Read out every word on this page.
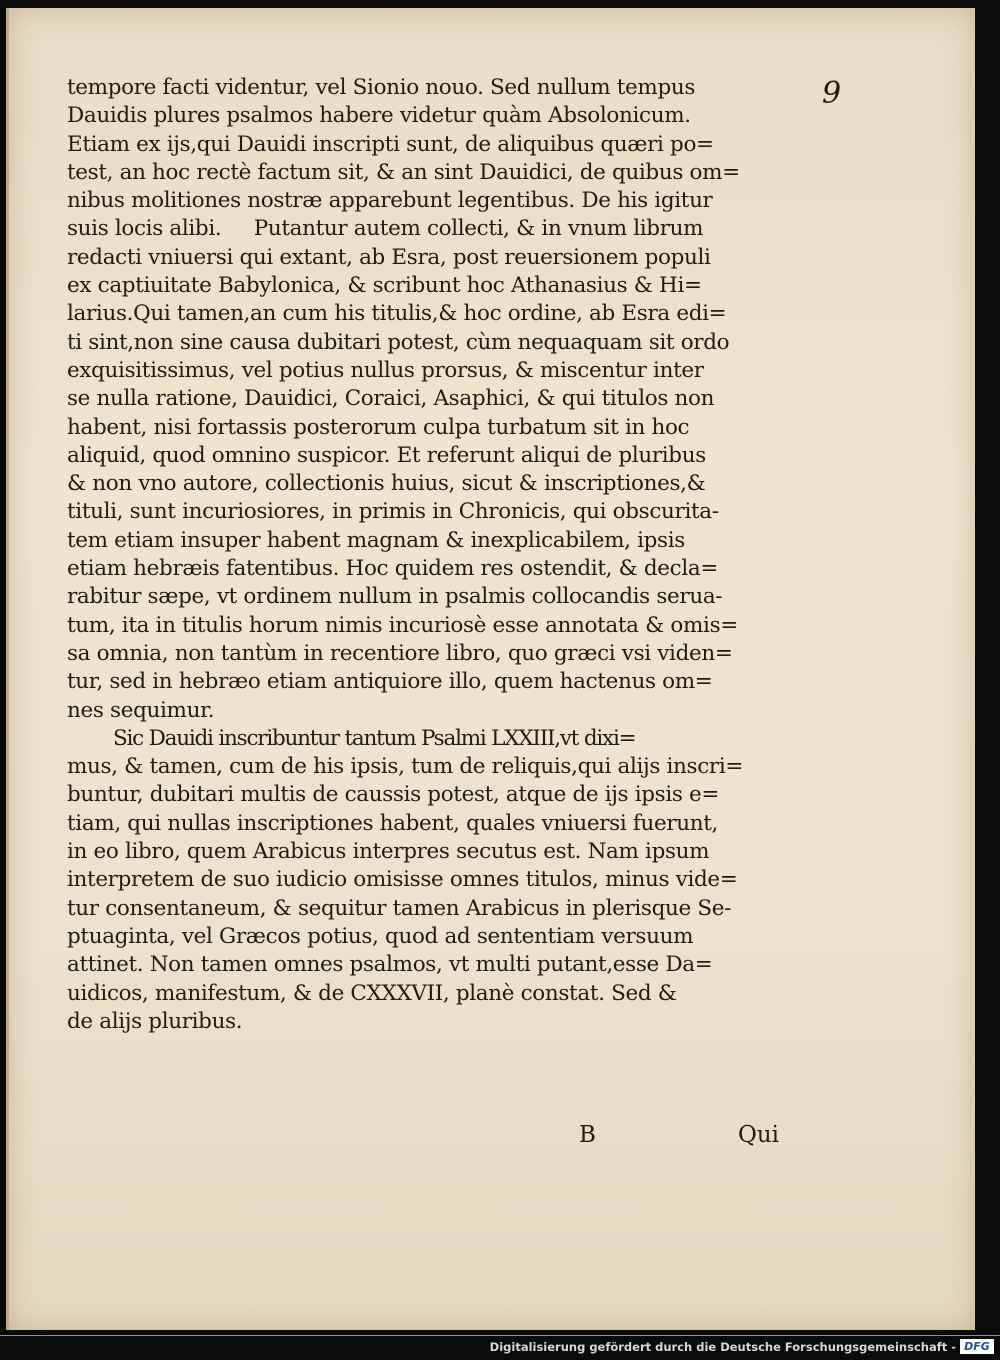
9
tempore facti videntur, vel Sionio nouo. Sed nullum tempus
Dauidis plures psalmos habere videtur quàm Absolonicum.
Etiam ex ijs,qui Dauidi inscripti sunt, de aliquibus quæri po=
test, an hoc rectè factum sit, & an sint Dauidici, de quibus om=
nibus molitiones nostræ apparebunt legentibus. De his igitur
suis locis alibi.     Putantur autem collecti, & in vnum librum
redacti vniuersi qui extant, ab Esra, post reuersionem populi
ex captiuitate Babylonica, & scribunt hoc Athanasius & Hi=
larius.Qui tamen,an cum his titulis,& hoc ordine, ab Esra edi=
ti sint,non sine causa dubitari potest, cùm nequaquam sit ordo
exquisitissimus, vel potius nullus prorsus, & miscentur inter
se nulla ratione, Dauidici, Coraici, Asaphici, & qui titulos non
habent, nisi fortassis posterorum culpa turbatum sit in hoc
aliquid, quod omnino suspicor. Et referunt aliqui de pluribus
& non vno autore, collectionis huius, sicut & inscriptiones,&
tituli, sunt incuriosiores, in primis in Chronicis, qui obscurita-
tem etiam insuper habent magnam & inexplicabilem, ipsis
etiam hebræis fatentibus. Hoc quidem res ostendit, & decla=
rabitur sæpe, vt ordinem nullum in psalmis collocandis serua-
tum, ita in titulis horum nimis incuriosè esse annotata & omis=
sa omnia, non tantùm in recentiore libro, quo græci vsi viden=
tur, sed in hebræo etiam antiquiore illo, quem hactenus om=
nes sequimur.
Sic Dauidi inscribuntur tantum Psalmi LXXIII,vt dixi=
mus, & tamen, cum de his ipsis, tum de reliquis,qui alijs inscri=
buntur, dubitari multis de caussis potest, atque de ijs ipsis e=
tiam, qui nullas inscriptiones habent, quales vniuersi fuerunt,
in eo libro, quem Arabicus interpres secutus est. Nam ipsum
interpretem de suo iudicio omisisse omnes titulos, minus vide=
tur consentaneum, & sequitur tamen Arabicus in plerisque Se-
ptuaginta, vel Græcos potius, quod ad sententiam versuum
attinet. Non tamen omnes psalmos, vt multi putant,esse Da=
uidicos, manifestum, & de CXXXVII, planè constat. Sed &
de alijs pluribus.
B	Qui
Digitalisierung gefördert durch die Deutsche Forschungsgemeinschaft - DFG
